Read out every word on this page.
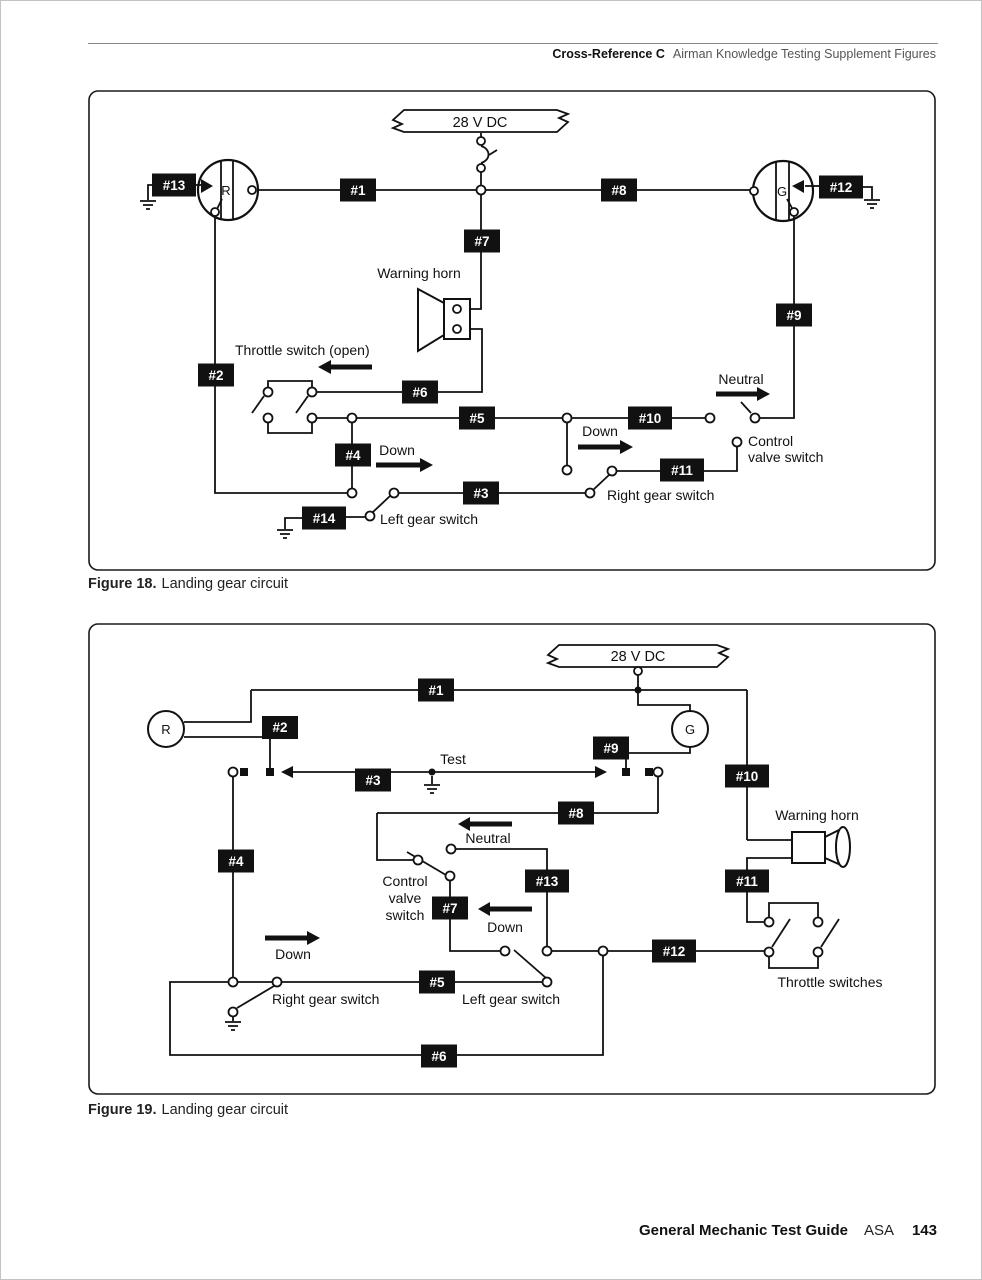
Cross-Reference C Airman Knowledge Testing Supplement Figures
28 V DC
R	G
#1
#2
#3
#4
#5
#6
#7
#8
#9
#10
#11
#12
#13
#14
Warning horn
Throttle switch (open)
Down
Down
Neutral
Control
valve switch
Right gear switch
Left gear switch
Figure 18. Landing gear circuit
28 V DC
R	G
#1
#2
#3
#4
#5
#6
#7
#8
#9
#10
#11
#12
#13
Test
Neutral
Down
Down
Control
valve
switch
Warning horn
Right gear switch	Left gear switch
Throttle switches
Figure 19. Landing gear circuit
General Mechanic Test Guide ASA 143
